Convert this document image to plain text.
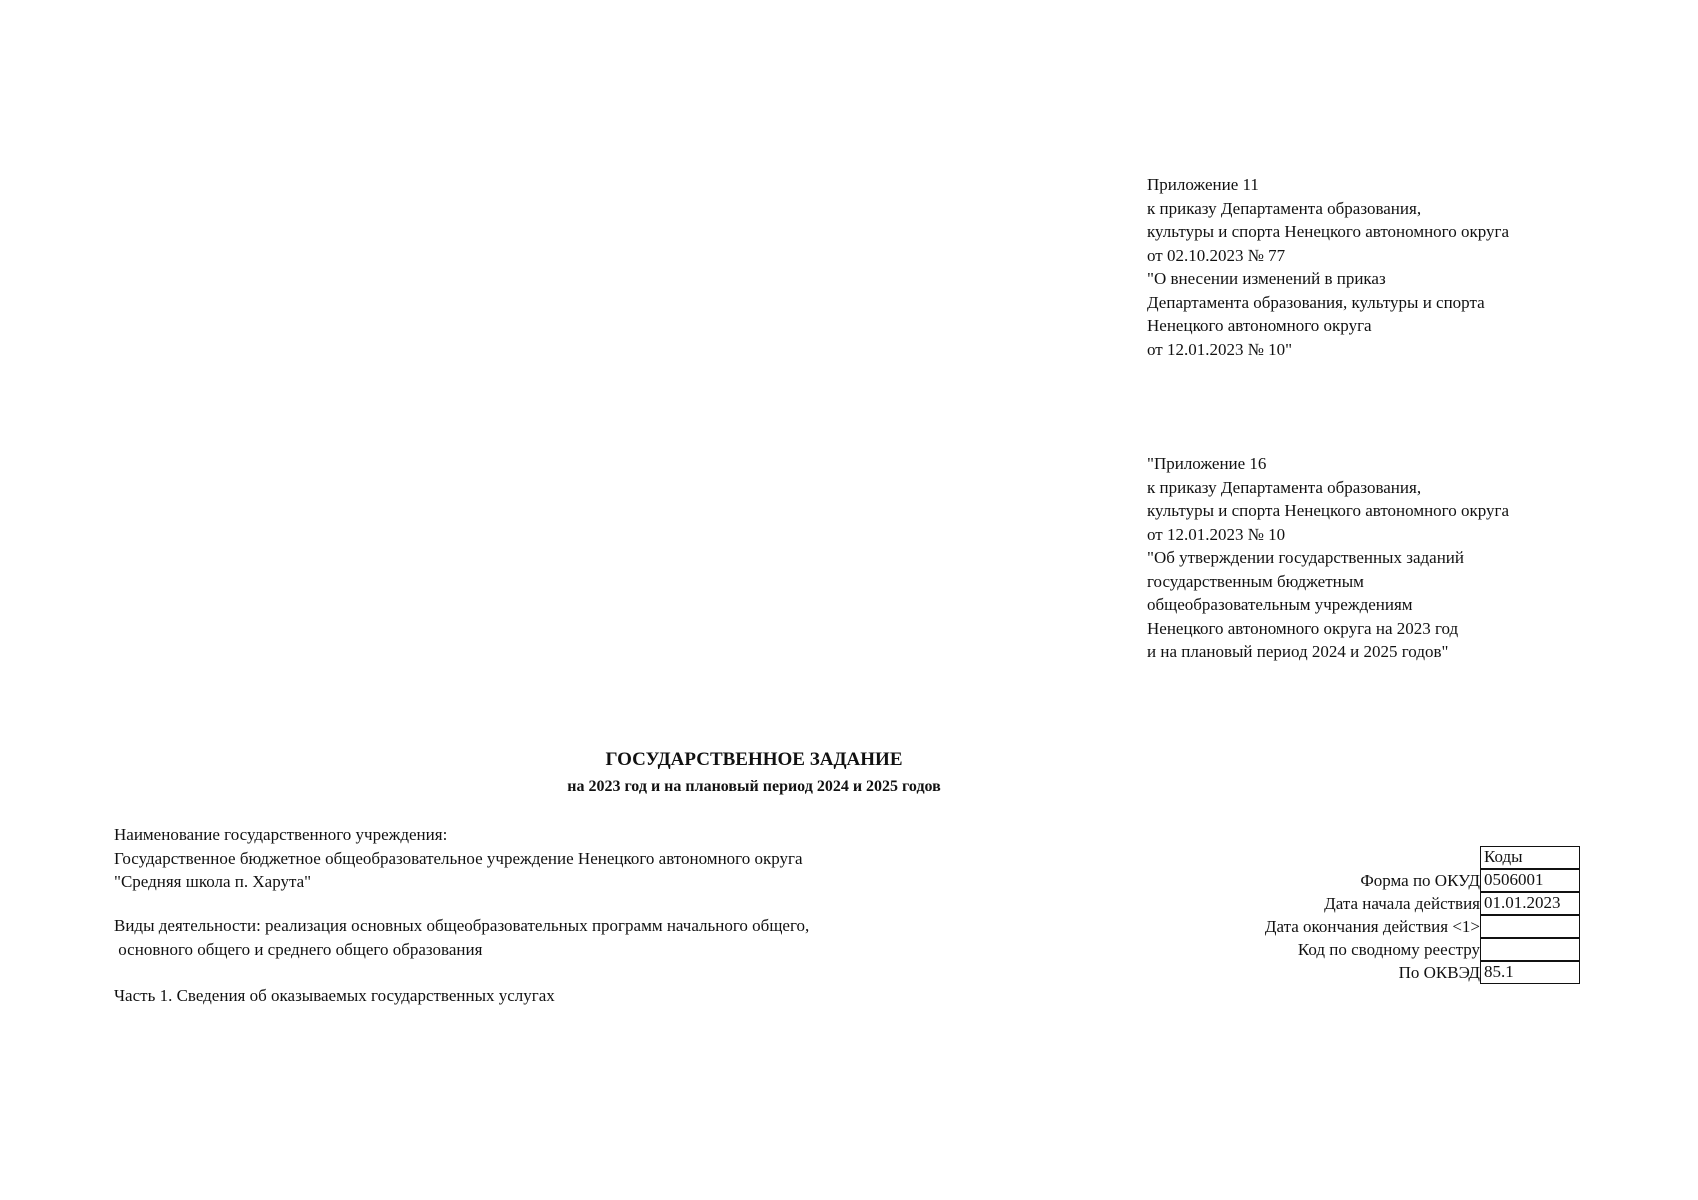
Приложение 11
к приказу Департамента образования,
культуры и спорта Ненецкого автономного округа
от 02.10.2023 № 77
"О внесении изменений в приказ
Департамента образования, культуры и спорта
Ненецкого автономного округа
от 12.01.2023 № 10"
"Приложение 16
к приказу Департамента образования,
культуры и спорта Ненецкого автономного округа
от 12.01.2023 № 10
"Об утверждении государственных заданий
государственным бюджетным
общеобразовательным учреждениям
Ненецкого автономного округа на 2023 год
и на плановый период 2024 и 2025 годов"
ГОСУДАРСТВЕННОЕ ЗАДАНИЕ
на 2023 год и на плановый период 2024 и 2025 годов
Наименование государственного учреждения:
Государственное бюджетное общеобразовательное учреждение Ненецкого автономного округа
"Средняя школа п. Харута"
Виды деятельности: реализация основных общеобразовательных программ начального общего,
основного общего и среднего общего образования
Часть 1. Сведения об оказываемых государственных услугах
Коды
Форма по ОКУД 0506001
Дата начала действия 01.01.2023
Дата окончания действия <1>
Код по сводному реестру
По ОКВЭД 85.1
